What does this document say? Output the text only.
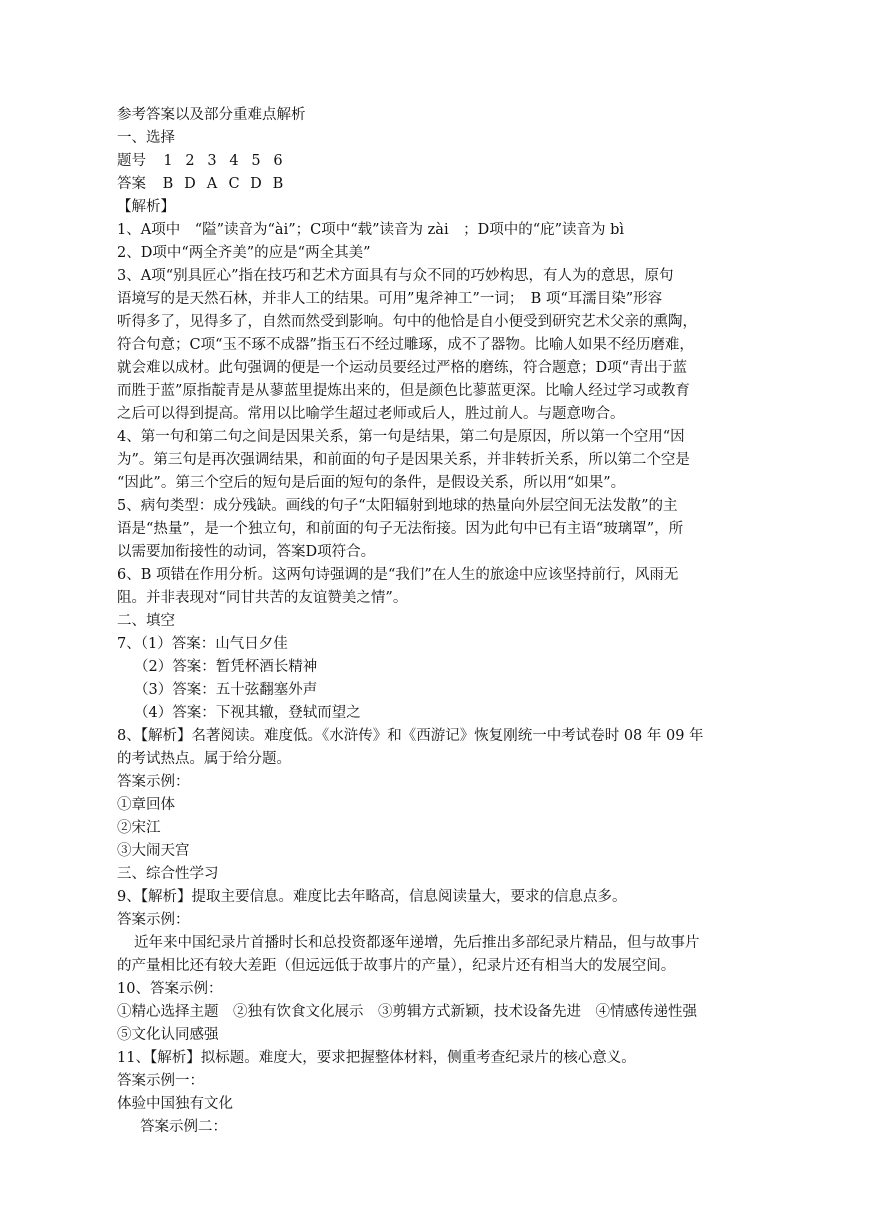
参考答案以及部分重难点解析
一、选择
题号	1 2 3 4 5 6
答案	B D A C D B
【解析】
1、A项中　“隘”读音为“ài”；C项中“载”读音为 zài　；D项中的“庇”读音为 bì
2、D项中“两全齐美”的应是“两全其美”
3、A项“别具匠心”指在技巧和艺术方面具有与众不同的巧妙构思，有人为的意思，原句
语境写的是天然石林，并非人工的结果。可用”鬼斧神工”一词；　B 项“耳濡目染”形容
听得多了，见得多了，自然而然受到影响。句中的他恰是自小便受到研究艺术父亲的熏陶，
符合句意；C项“玉不琢不成器”指玉石不经过雕琢，成不了器物。比喻人如果不经历磨难，
就会难以成材。此句强调的便是一个运动员要经过严格的磨练，符合题意；D项“青出于蓝
而胜于蓝”原指靛青是从蓼蓝里提炼出来的，但是颜色比蓼蓝更深。比喻人经过学习或教育
之后可以得到提高。常用以比喻学生超过老师或后人，胜过前人。与题意吻合。
4、第一句和第二句之间是因果关系，第一句是结果，第二句是原因，所以第一个空用“因
为”。第三句是再次强调结果，和前面的句子是因果关系，并非转折关系，所以第二个空是
“因此”。第三个空后的短句是后面的短句的条件，是假设关系，所以用“如果”。
5、病句类型：成分残缺。画线的句子“太阳辐射到地球的热量向外层空间无法发散”的主
语是“热量”，是一个独立句，和前面的句子无法衔接。因为此句中已有主语“玻璃罩”，所
以需要加衔接性的动词，答案D项符合。
6、B 项错在作用分析。这两句诗强调的是“我们”在人生的旅途中应该坚持前行，风雨无
阻。并非表现对“同甘共苦的友谊赞美之情”。
二、填空
7、（1）答案：山气日夕佳
（2）答案：暂凭杯酒长精神
（3）答案：五十弦翻塞外声
（4）答案：下视其辙，登轼而望之
8、【解析】名著阅读。难度低。《水浒传》和《西游记》恢复刚统一中考试卷时 08 年 09 年
的考试热点。属于给分题。
答案示例：
①章回体
②宋江
③大闹天宫
三、综合性学习
9、【解析】提取主要信息。难度比去年略高，信息阅读量大，要求的信息点多。
答案示例：
近年来中国纪录片首播时长和总投资都逐年递增，先后推出多部纪录片精品，但与故事片
的产量相比还有较大差距（但远远低于故事片的产量），纪录片还有相当大的发展空间。
10、答案示例：
①精心选择主题　②独有饮食文化展示　③剪辑方式新颖，技术设备先进　④情感传递性强
⑤文化认同感强
11、【解析】拟标题。难度大，要求把握整体材料，侧重考查纪录片的核心意义。
答案示例一：
体验中国独有文化
答案示例二：
